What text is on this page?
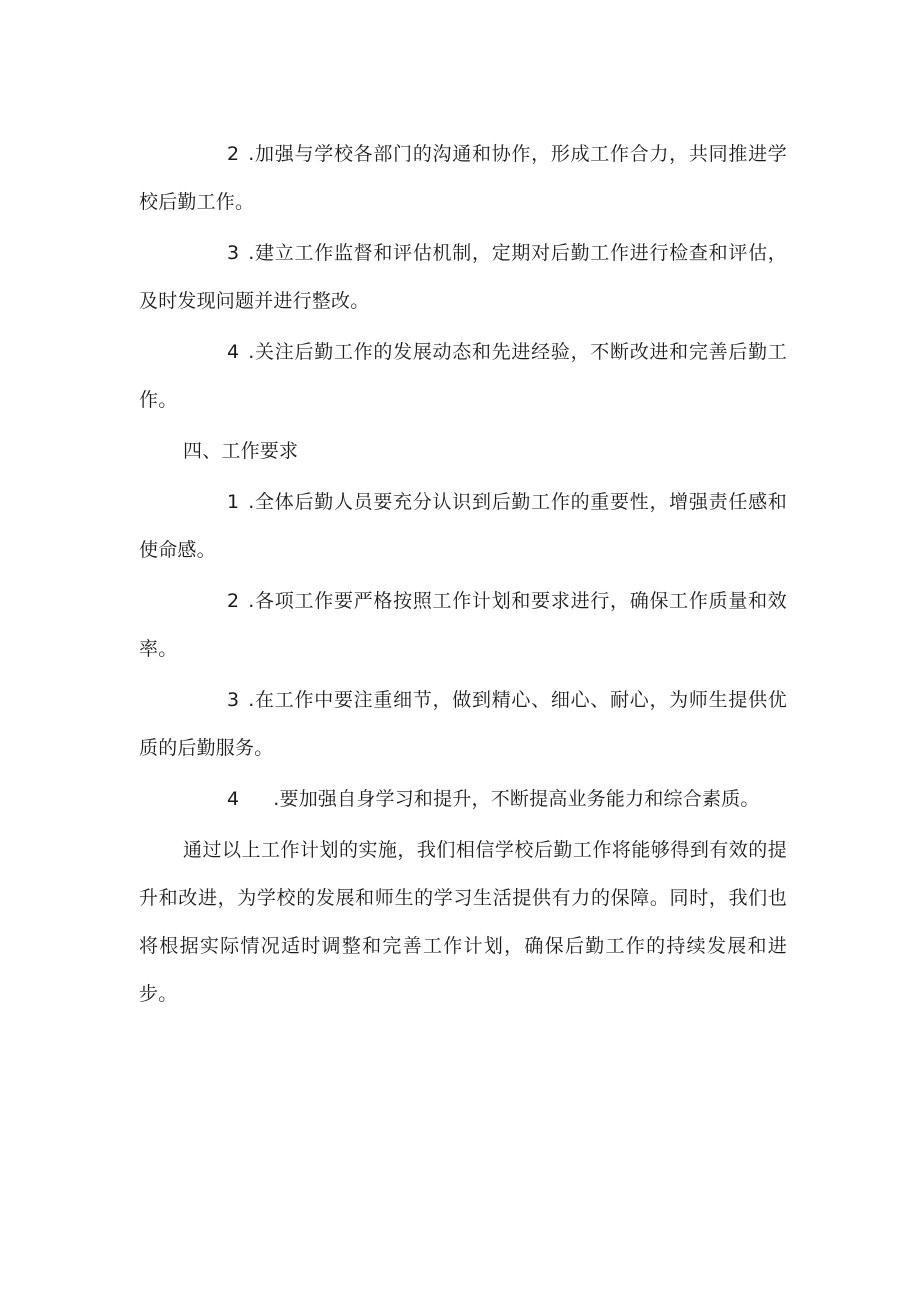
2 .加强与学校各部门的沟通和协作，形成工作合力，共同推进学校后勤工作。

3 .建立工作监督和评估机制，定期对后勤工作进行检查和评估，及时发现问题并进行整改。

4 .关注后勤工作的发展动态和先进经验，不断改进和完善后勤工作。

四、工作要求

1 .全体后勤人员要充分认识到后勤工作的重要性，增强责任感和使命感。

2 .各项工作要严格按照工作计划和要求进行，确保工作质量和效率。

3 .在工作中要注重细节，做到精心、细心、耐心，为师生提供优质的后勤服务。

4 .要加强自身学习和提升，不断提高业务能力和综合素质。

通过以上工作计划的实施，我们相信学校后勤工作将能够得到有效的提升和改进，为学校的发展和师生的学习生活提供有力的保障。同时，我们也将根据实际情况适时调整和完善工作计划，确保后勤工作的持续发展和进步。
